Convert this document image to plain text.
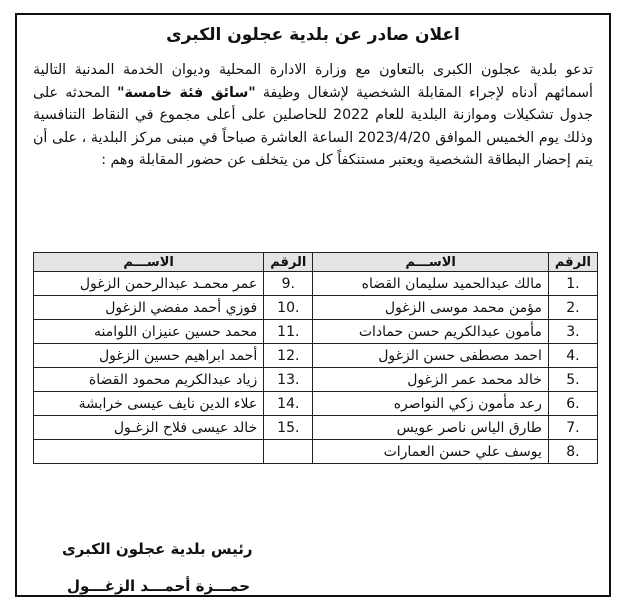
اعلان صادر عن بلدية عجلون الكبرى
تدعو بلدية عجلون الكبرى بالتعاون مع وزارة الادارة المحلية وديوان الخدمة المدنية التالية أسمائهم أدناه لإجراء المقابلة الشخصية لإشغال وظيفة "سائق فئة خامسة" المحدثه على جدول تشكيلات وموازنة البلدية للعام 2022 للحاصلين على أعلى مجموع في النقاط التنافسية وذلك يوم الخميس الموافق 2023/4/20 الساعة العاشرة صباحاً في مبنى مركز البلدية ، على أن يتم إحضار البطاقة الشخصية ويعتبر مستنكفاً كل من يتخلف عن حضور المقابلة وهم :
الرقم	الاســـم	الرقم	الاســـم
.1	مالك عبدالحميد سليمان القضاه	.9	عمر محمـد عبدالرحمن الزغول
.2	مؤمن محمد موسى الزغول	.10	فوزي أحمد مفضي الزغول
.3	مأمون عبدالكريم حسن حمادات	.11	محمد حسين عنيزان اللوامنه
.4	احمد مصطفى حسن الزغول	.12	أحمد ابراهيم حسين الزغول
.5	خالد محمد عمر الزغول	.13	زياد عبدالكريم محمود القضاة
.6	رعد مأمون زكي النواصره	.14	علاء الدين نايف عيسى خرابشة
.7	طارق الياس ناصر عويس	.15	خالد عيسى فلاح الزغـول
.8	يوسف علي حسن العمارات		
رئيس بلدية عجلون الكبرى
حمـــزة أحمـــد الزغـــول
